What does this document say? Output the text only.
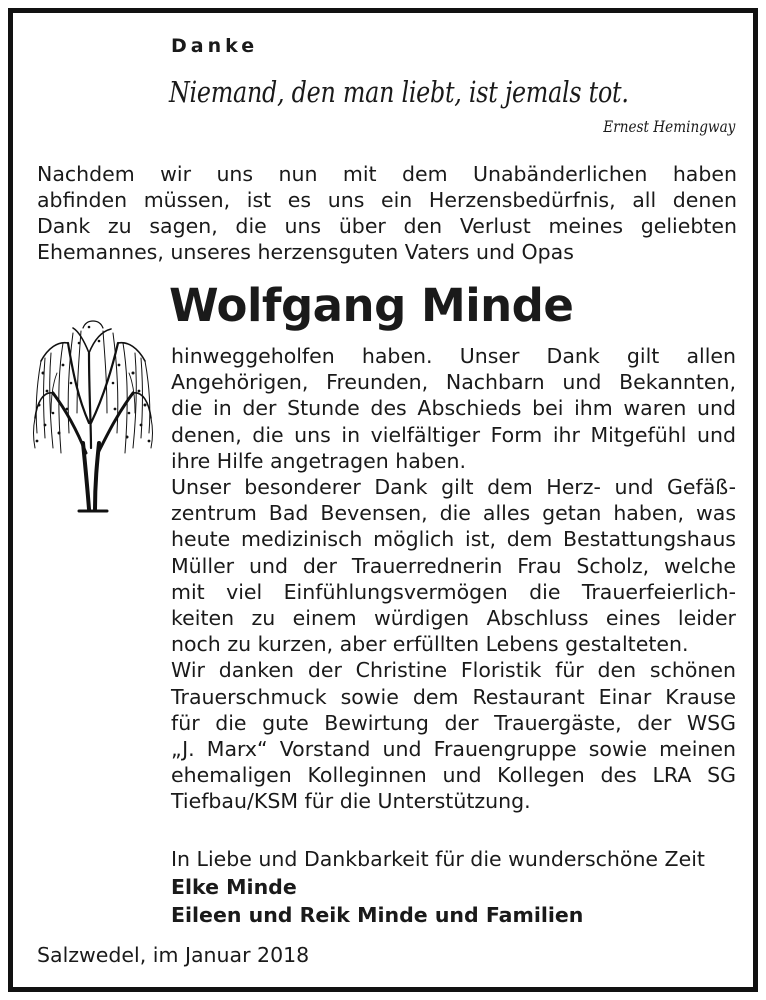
Danke
Niemand, den man liebt, ist jemals tot.
Ernest Hemingway
Nachdem wir uns nun mit dem Unabänderlichen haben
abfinden müssen, ist es uns ein Herzensbedürfnis, all denen
Dank zu sagen, die uns über den Verlust meines geliebten
Ehemannes, unseres herzensguten Vaters und Opas
Wolfgang Minde
hinweggeholfen haben. Unser Dank gilt allen
Angehörigen, Freunden, Nachbarn und Bekannten,
die in der Stunde des Abschieds bei ihm waren und
denen, die uns in vielfältiger Form ihr Mitgefühl und
ihre Hilfe angetragen haben.
Unser besonderer Dank gilt dem Herz- und Gefäß-
zentrum Bad Bevensen, die alles getan haben, was
heute medizinisch möglich ist, dem Bestattungshaus
Müller und der Trauerrednerin Frau Scholz, welche
mit viel Einfühlungsvermögen die Trauerfeierlich-
keiten zu einem würdigen Abschluss eines leider
noch zu kurzen, aber erfüllten Lebens gestalteten.
Wir danken der Christine Floristik für den schönen
Trauerschmuck sowie dem Restaurant Einar Krause
für die gute Bewirtung der Trauergäste, der WSG
„J. Marx“ Vorstand und Frauengruppe sowie meinen
ehemaligen Kolleginnen und Kollegen des LRA SG
Tiefbau/KSM für die Unterstützung.
In Liebe und Dankbarkeit für die wunderschöne Zeit
Elke Minde
Eileen und Reik Minde und Familien
Salzwedel, im Januar 2018
